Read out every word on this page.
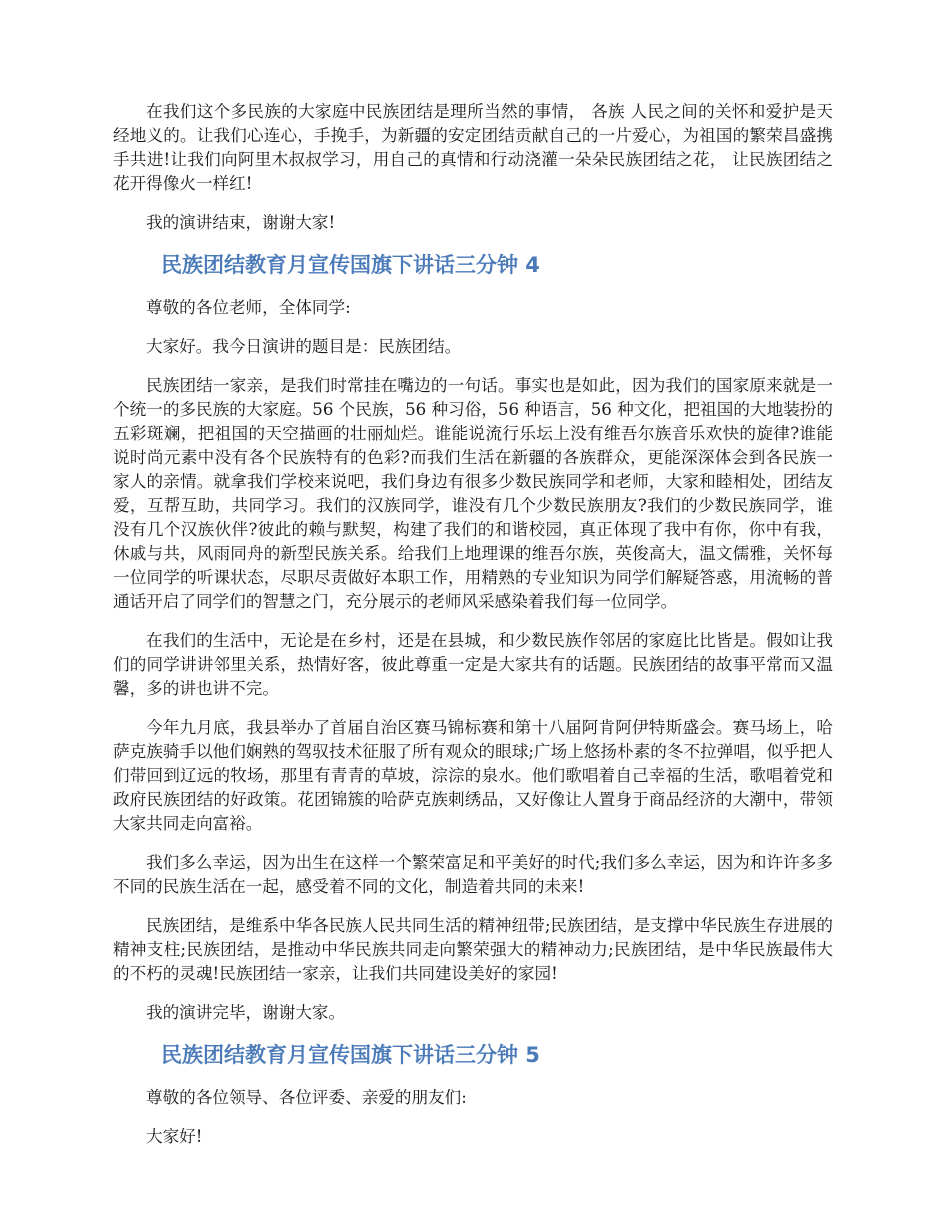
在我们这个多民族的大家庭中民族团结是理所当然的事情， 各族 人民之间的关怀和爱护是天经地义的。让我们心连心，手挽手，为新疆的安定团结贡献自己的一片爱心，为祖国的繁荣昌盛携手共进!让我们向阿里木叔叔学习，用自己的真情和行动浇灌一朵朵民族团结之花， 让民族团结之花开得像火一样红!

我的演讲结束，谢谢大家!

民族团结教育月宣传国旗下讲话三分钟 4

尊敬的各位老师，全体同学:

大家好。我今日演讲的题目是：民族团结。

民族团结一家亲，是我们时常挂在嘴边的一句话。事实也是如此，因为我们的国家原来就是一个统一的多民族的大家庭。56 个民族，56 种习俗，56 种语言，56 种文化，把祖国的大地装扮的五彩斑斓，把祖国的天空描画的壮丽灿烂。谁能说流行乐坛上没有维吾尔族音乐欢快的旋律?谁能说时尚元素中没有各个民族特有的色彩?而我们生活在新疆的各族群众，更能深深体会到各民族一家人的亲情。就拿我们学校来说吧，我们身边有很多少数民族同学和老师，大家和睦相处，团结友爱，互帮互助，共同学习。我们的汉族同学，谁没有几个少数民族朋友?我们的少数民族同学，谁没有几个汉族伙伴?彼此的赖与默契，构建了我们的和谐校园，真正体现了我中有你，你中有我，休戚与共，风雨同舟的新型民族关系。给我们上地理课的维吾尔族，英俊高大，温文儒雅，关怀每一位同学的听课状态，尽职尽责做好本职工作，用精熟的专业知识为同学们解疑答惑，用流畅的普通话开启了同学们的智慧之门，充分展示的老师风采感染着我们每一位同学。

在我们的生活中，无论是在乡村，还是在县城，和少数民族作邻居的家庭比比皆是。假如让我们的同学讲讲邻里关系，热情好客，彼此尊重一定是大家共有的话题。民族团结的故事平常而又温馨，多的讲也讲不完。

今年九月底，我县举办了首届自治区赛马锦标赛和第十八届阿肯阿伊特斯盛会。赛马场上，哈萨克族骑手以他们娴熟的驾驭技术征服了所有观众的眼球;广场上悠扬朴素的冬不拉弹唱，似乎把人们带回到辽远的牧场，那里有青青的草坡，淙淙的泉水。他们歌唱着自己幸福的生活，歌唱着党和政府民族团结的好政策。花团锦簇的哈萨克族刺绣品，又好像让人置身于商品经济的大潮中，带领大家共同走向富裕。

我们多么幸运，因为出生在这样一个繁荣富足和平美好的时代;我们多么幸运，因为和许许多多不同的民族生活在一起，感受着不同的文化，制造着共同的未来!

民族团结，是维系中华各民族人民共同生活的精神纽带;民族团结，是支撑中华民族生存进展的精神支柱;民族团结，是推动中华民族共同走向繁荣强大的精神动力;民族团结，是中华民族最伟大的不朽的灵魂!民族团结一家亲，让我们共同建设美好的家园!

我的演讲完毕，谢谢大家。

民族团结教育月宣传国旗下讲话三分钟 5

尊敬的各位领导、各位评委、亲爱的朋友们:

大家好!
